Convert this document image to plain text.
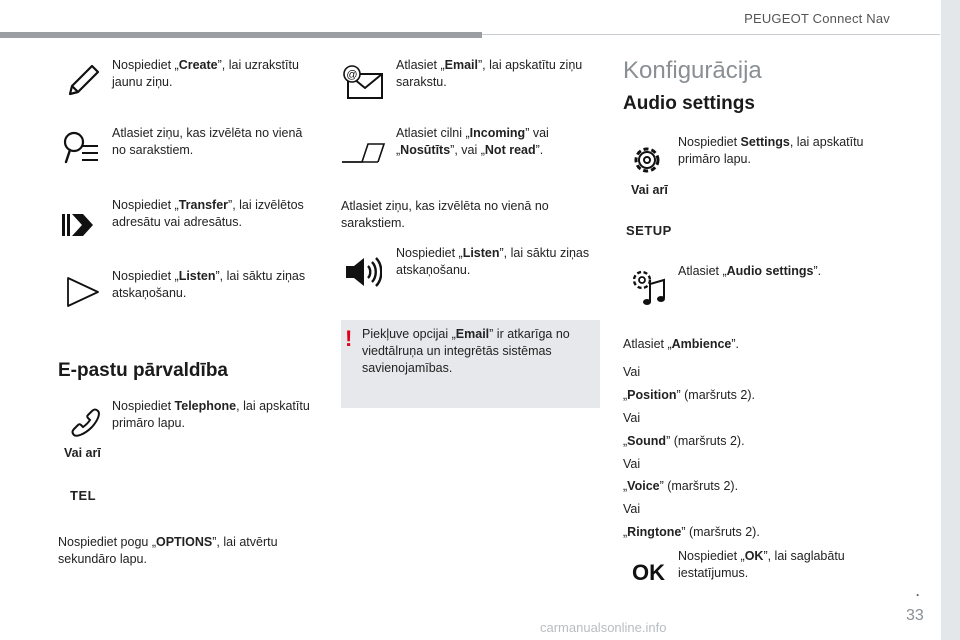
PEUGEOT Connect Nav
.
33
carmanualsonline.info
Nospiediet „Create”, lai uzrakstītu jaunu ziņu.
Atlasiet ziņu, kas izvēlēta no vienā no sarakstiem.
Nospiediet „Transfer”, lai izvēlētos adresātu vai adresātus.
Nospiediet „Listen”, lai sāktu ziņas atskaņošanu.
E-pastu pārvaldība
Nospiediet Telephone, lai apskatītu primāro lapu.
Vai arī
TEL
Nospiediet pogu „OPTIONS”, lai atvērtu sekundāro lapu.
@
Atlasiet „Email”, lai apskatītu ziņu sarakstu.
Atlasiet cilni „Incoming” vai „Nosūtīts”, vai „Not read”.
Atlasiet ziņu, kas izvēlēta no vienā no sarakstiem.
Nospiediet „Listen”, lai sāktu ziņas atskaņošanu.
! Piekļuve opcijai „Email” ir atkarīga no viedtālruņa un integrētās sistēmas savienojamības.
Konfigurācija
Audio settings
Nospiediet Settings, lai apskatītu primāro lapu.
Vai arī
SETUP
Atlasiet „Audio settings”.
Atlasiet „Ambience”.
Vai
„Position” (maršruts 2).
Vai
„Sound” (maršruts 2).
Vai
„Voice” (maršruts 2).
Vai
„Ringtone” (maršruts 2).
OK
Nospiediet „OK”, lai saglabātu iestatījumus.
